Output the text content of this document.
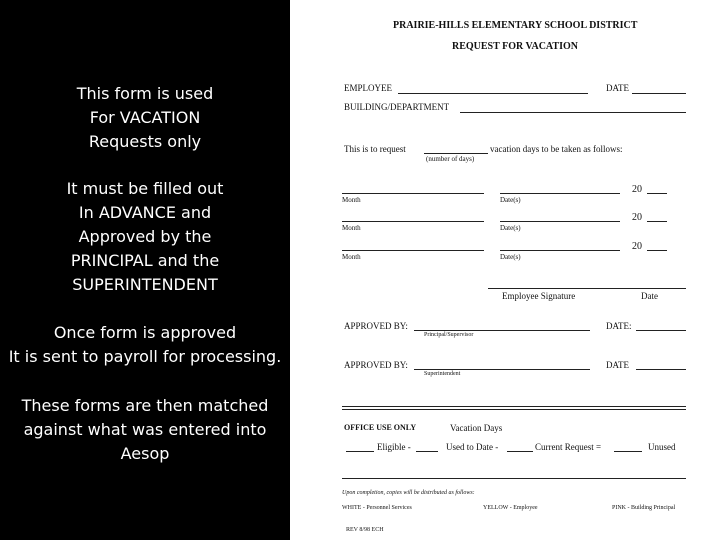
This form is used
For VACATION
Requests only
It must be filled out
In ADVANCE and
Approved by the
PRINCIPAL and the
SUPERINTENDENT
Once form is approved
It is sent to payroll for processing.
These forms are then matched
against what was entered into
Aesop
PRAIRIE-HILLS ELEMENTARY SCHOOL DISTRICT
REQUEST FOR VACATION
EMPLOYEE	DATE
BUILDING/DEPARTMENT
This is to request	vacation days to be taken as follows:
(number of days)
Month	Date(s)
20
Month	Date(s)
20
Month	Date(s)
20
Employee Signature	Date
APPROVED BY:
Principal/Supervisor
DATE:
APPROVED BY:
Superintendent
DATE
OFFICE USE ONLY	Vacation Days
Eligible -	Used to Date -	Current Request =	Unused
Upon completion, copies will be distributed as follows:
WHITE - Personnel Services	YELLOW - Employee	PINK - Building Principal
REV 8/98 ECH
